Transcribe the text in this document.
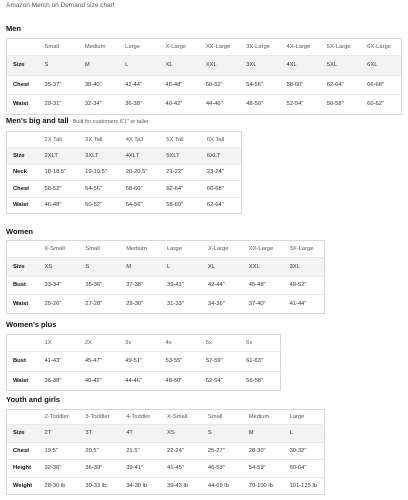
Amazon Merch on Demand size chart
Men
	Small	Medium	Large	X-Large	XX-Large	3X-Large	4X-Large	5X-Large	6X-Large
Size	S	M	L	XL	XXL	3XL	4XL	5XL	6XL
Chest	35-37"	38-40"	42-44"	46-48"	50-52"	54-56"	58-60"	62-64"	66-68"
Waist	29-31"	32-34"	36-38"	40-42"	44-46"	48-50"	52-54"	56-58"	60-62"
Men's big and tall Built for customers 6'1" or taller
	2X Tall	3X Tall	4X Tall	5X Tall	6X Tall
Size	2XLT	3XLT	4XLT	5XLT	6XLT
Neck	18-18.5"	19-19.5"	20-20.5"	21-22"	23-24"
Chest	50-52"	54-56"	58-60"	62-64"	66-68"
Waist	46-48"	50-52"	54-56"	58-60"	62-64"
Women
	X-Small	Small	Medium	Large	X-Large	XX-Large	3X-Large
Size	XS	S	M	L	XL	XXL	3XL
Bust	33-34"	35-36"	37-38"	39-41"	42-44"	45-48"	49-52"
Waist	25-26"	27-28"	29-30"	31-33"	34-36"	37-40"	41-44"
Women's plus
	1X	2X	3x	4x	5x	6x
Bust	41-43"	45-47"	49-51"	53-55"	57-59"	61-63"
Waist	36-38"	40-42"	44-46"	48-50"	52-54"	56-58"
Youth and girls
	2-Toddler	3-Toddler	4-Toddler	X-Small	Small	Medium	Large
Size	2T	3T	4T	XS	S	M	L
Chest	19.5"	20.5"	21.5"	22-24"	25-27"	28-30"	30-32"
Height	32-36"	36-39"	39-41"	41-45"	46-53"	54-59"	60-64"
Weight	28-30 lb	30-33 lb	34-38 lb	39-43 lb	44-69 lb	70-100 lb	101-125 lb
